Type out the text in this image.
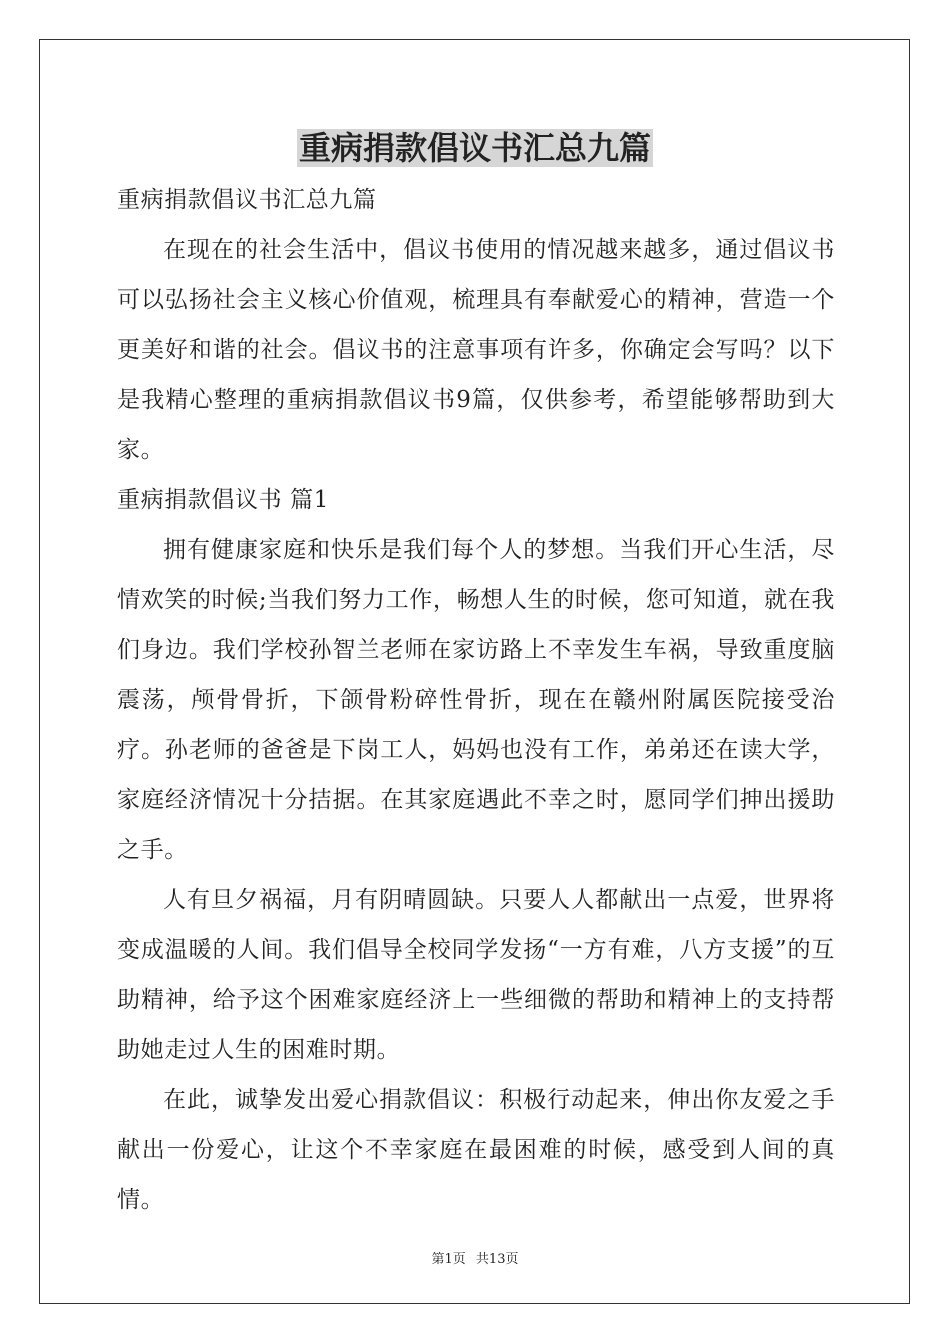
重病捐款倡议书汇总九篇

重病捐款倡议书汇总九篇

在现在的社会生活中，倡议书使用的情况越来越多，通过倡议书可以弘扬社会主义核心价值观，梳理具有奉献爱心的精神，营造一个更美好和谐的社会。倡议书的注意事项有许多，你确定会写吗？以下是我精心整理的重病捐款倡议书9篇，仅供参考，希望能够帮助到大家。

重病捐款倡议书 篇1

拥有健康家庭和快乐是我们每个人的梦想。当我们开心生活，尽情欢笑的时候;当我们努力工作，畅想人生的时候，您可知道，就在我们身边。我们学校孙智兰老师在家访路上不幸发生车祸，导致重度脑震荡，颅骨骨折，下颌骨粉碎性骨折，现在在赣州附属医院接受治疗。孙老师的爸爸是下岗工人，妈妈也没有工作，弟弟还在读大学，家庭经济情况十分拮据。在其家庭遇此不幸之时，愿同学们抻出援助之手。

人有旦夕祸福，月有阴晴圆缺。只要人人都献出一点爱，世界将变成温暖的人间。我们倡导全校同学发扬“一方有难，八方支援”的互助精神，给予这个困难家庭经济上一些细微的帮助和精神上的支持帮助她走过人生的困难时期。

在此，诚挚发出爱心捐款倡议：积极行动起来，伸出你友爱之手献出一份爱心，让这个不幸家庭在最困难的时候，感受到人间的真情。

第1页 共13页
